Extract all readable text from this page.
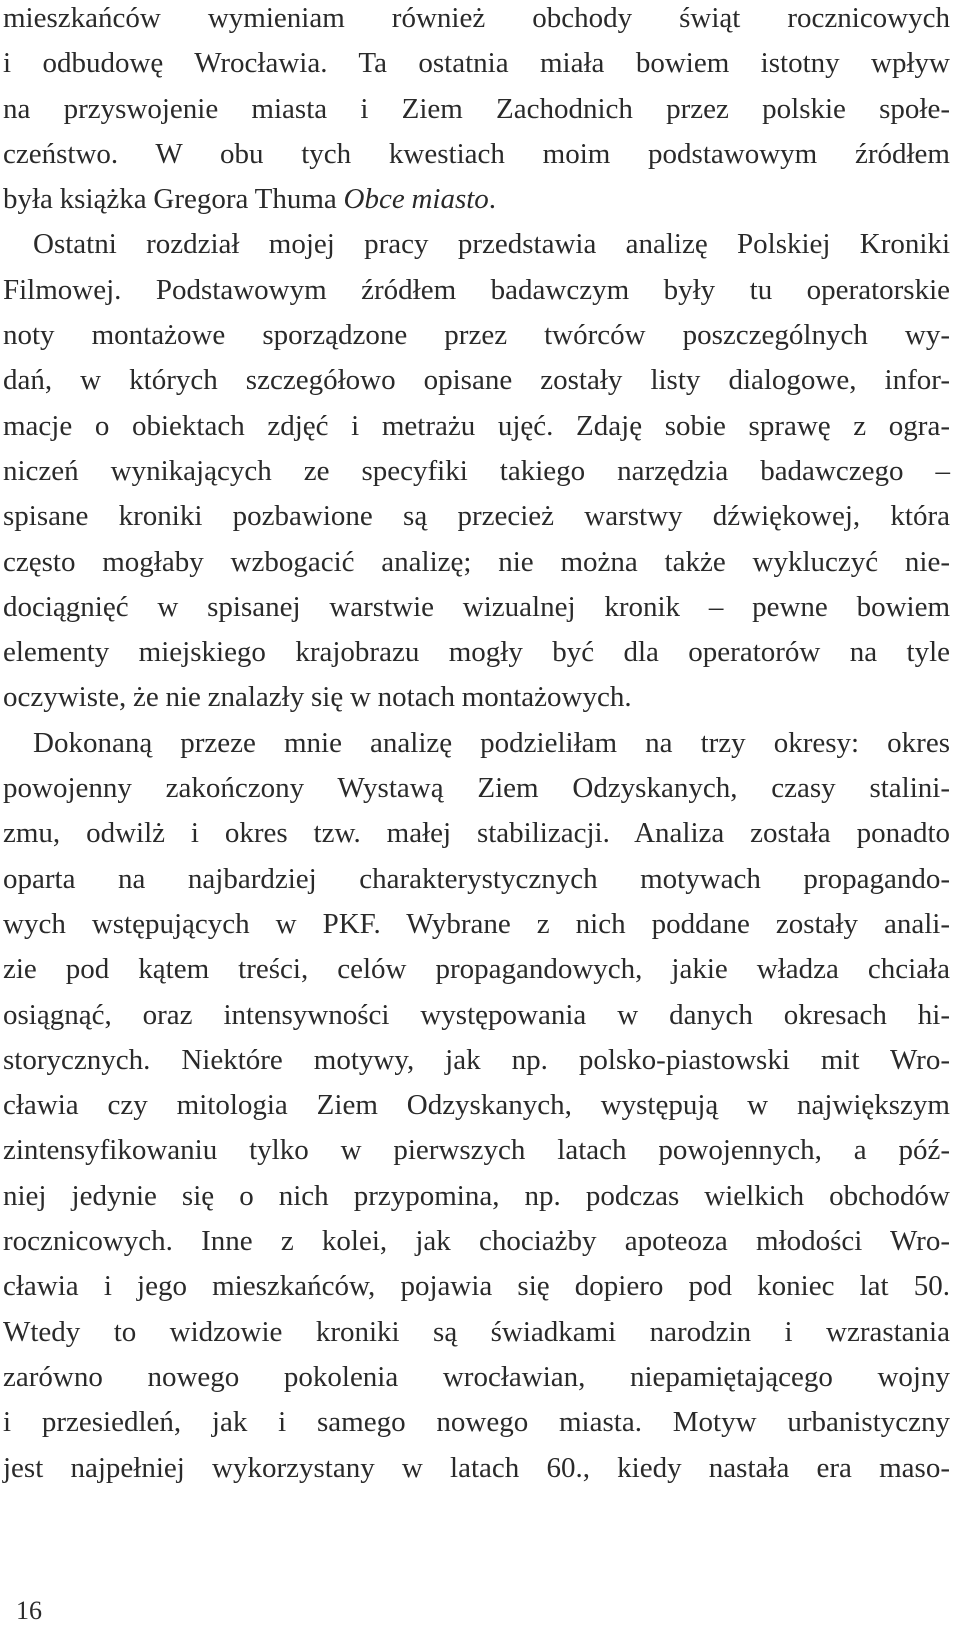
mieszkańców wymieniam również obchody świąt rocznicowych
i odbudowę Wrocławia. Ta ostatnia miała bowiem istotny wpływ
na przyswojenie miasta i Ziem Zachodnich przez polskie społe-
czeństwo. W obu tych kwestiach moim podstawowym źródłem
była książka Gregora Thuma Obce miasto.
Ostatni rozdział mojej pracy przedstawia analizę Polskiej Kroniki
Filmowej. Podstawowym źródłem badawczym były tu operatorskie
noty montażowe sporządzone przez twórców poszczególnych wy-
dań, w których szczegółowo opisane zostały listy dialogowe, infor-
macje o obiektach zdjęć i metrażu ujęć. Zdaję sobie sprawę z ogra-
niczeń wynikających ze specyfiki takiego narzędzia badawczego –
spisane kroniki pozbawione są przecież warstwy dźwiękowej, która
często mogłaby wzbogacić analizę; nie można także wykluczyć nie-
dociągnięć w spisanej warstwie wizualnej kronik – pewne bowiem
elementy miejskiego krajobrazu mogły być dla operatorów na tyle
oczywiste, że nie znalazły się w notach montażowych.
Dokonaną przeze mnie analizę podzieliłam na trzy okresy: okres
powojenny zakończony Wystawą Ziem Odzyskanych, czasy stalini-
zmu, odwilż i okres tzw. małej stabilizacji. Analiza została ponadto
oparta na najbardziej charakterystycznych motywach propagando-
wych wstępujących w PKF. Wybrane z nich poddane zostały anali-
zie pod kątem treści, celów propagandowych, jakie władza chciała
osiągnąć, oraz intensywności występowania w danych okresach hi-
storycznych. Niektóre motywy, jak np. polsko-piastowski mit Wro-
cławia czy mitologia Ziem Odzyskanych, występują w największym
zintensyfikowaniu tylko w pierwszych latach powojennych, a póź-
niej jedynie się o nich przypomina, np. podczas wielkich obchodów
rocznicowych. Inne z kolei, jak chociażby apoteoza młodości Wro-
cławia i jego mieszkańców, pojawia się dopiero pod koniec lat 50.
Wtedy to widzowie kroniki są świadkami narodzin i wzrastania
zarówno nowego pokolenia wrocławian, niepamiętającego wojny
i przesiedleń, jak i samego nowego miasta. Motyw urbanistyczny
jest najpełniej wykorzystany w latach 60., kiedy nastała era maso-
16
